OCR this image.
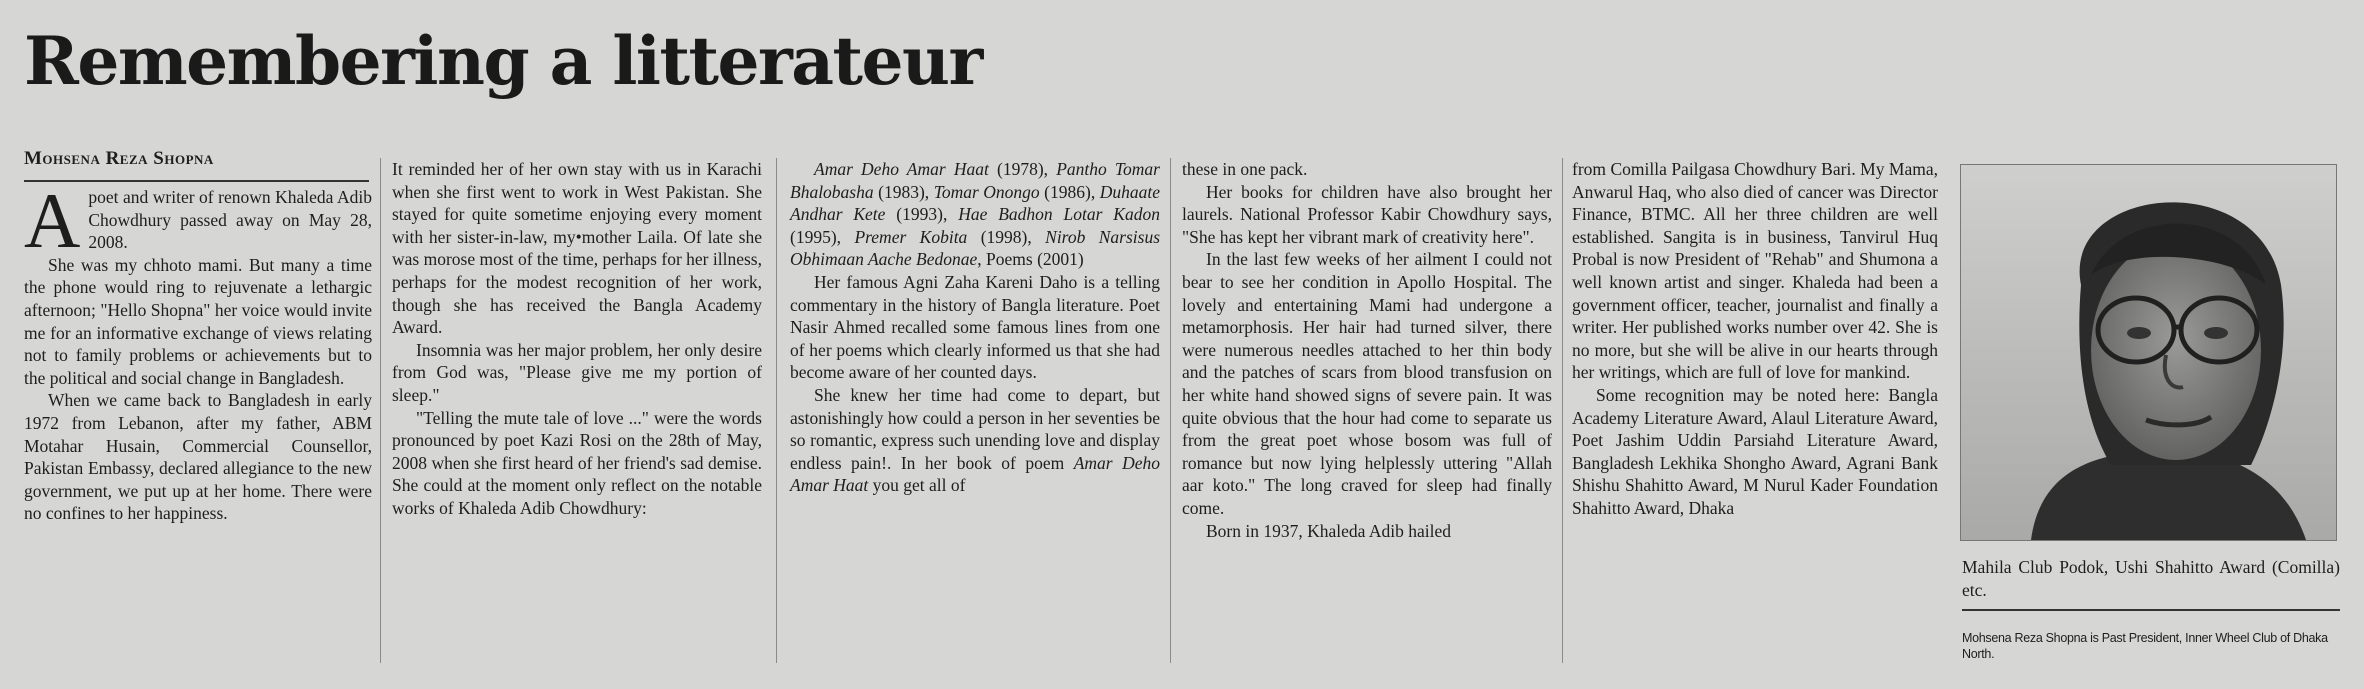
Remembering a litterateur
Mohsena Reza Shopna

Apoet and writer of renown Khaleda Adib Chowdhury passed away on May 28, 2008.

She was my chhoto mami. But many a time the phone would ring to rejuvenate a lethargic afternoon; "Hello Shopna" her voice would invite me for an informative exchange of views relating not to family problems or achievements but to the political and social change in Bangladesh.

When we came back to Bangladesh in early 1972 from Lebanon, after my father, ABM Motahar Husain, Commercial Counsellor, Pakistan Embassy, declared allegiance to the new government, we put up at her home. There were no confines to her happiness.

It reminded her of her own stay with us in Karachi when she first went to work in West Pakistan. She stayed for quite sometime enjoying every moment with her sister-in-law, my•mother Laila. Of late she was morose most of the time, perhaps for her illness, perhaps for the modest recognition of her work, though she has received the Bangla Academy Award.

Insomnia was her major problem, her only desire from God was, "Please give me my portion of sleep."

"Telling the mute tale of love ..." were the words pronounced by poet Kazi Rosi on the 28th of May, 2008 when she first heard of her friend's sad demise. She could at the moment only reflect on the notable works of Khaleda Adib Chowdhury:

Amar Deho Amar Haat (1978), Pantho Tomar Bhalobasha (1983), Tomar Onongo (1986), Duhaate Andhar Kete (1993), Hae Badhon Lotar Kadon (1995), Premer Kobita (1998), Nirob Narsisus Obhimaan Aache Bedonae, Poems (2001)

Her famous Agni Zaha Kareni Daho is a telling commentary in the history of Bangla literature. Poet Nasir Ahmed recalled some famous lines from one of her poems which clearly informed us that she had become aware of her counted days.

She knew her time had come to depart, but astonishingly how could a person in her seventies be so romantic, express such unending love and display endless pain!. In her book of poem Amar Deho Amar Haat you get all of

these in one pack.

Her books for children have also brought her laurels. National Professor Kabir Chowdhury says, "She has kept her vibrant mark of creativity here".

In the last few weeks of her ailment I could not bear to see her condition in Apollo Hospital. The lovely and entertaining Mami had undergone a metamorphosis. Her hair had turned silver, there were numerous needles attached to her thin body and the patches of scars from blood transfusion on her white hand showed signs of severe pain. It was quite obvious that the hour had come to separate us from the great poet whose bosom was full of romance but now lying helplessly uttering "Allah aar koto." The long craved for sleep had finally come.

Born in 1937, Khaleda Adib hailed

from Comilla Pailgasa Chowdhury Bari. My Mama, Anwarul Haq, who also died of cancer was Director Finance, BTMC. All her three children are well established. Sangita is in business, Tanvirul Huq Probal is now President of "Rehab" and Shumona a well known artist and singer. Khaleda had been a government officer, teacher, journalist and finally a writer. Her published works number over 42. She is no more, but she will be alive in our hearts through her writings, which are full of love for mankind.

Some recognition may be noted here: Bangla Academy Literature Award, Alaul Literature Award, Poet Jashim Uddin Parsiahd Literature Award, Bangladesh Lekhika Shongho Award, Agrani Bank Shishu Shahitto Award, M Nurul Kader Foundation Shahitto Award, Dhaka

Mahila Club Podok, Ushi Shahitto Award (Comilla) etc.
Mohsena Reza Shopna is Past President, Inner Wheel Club of Dhaka North.
